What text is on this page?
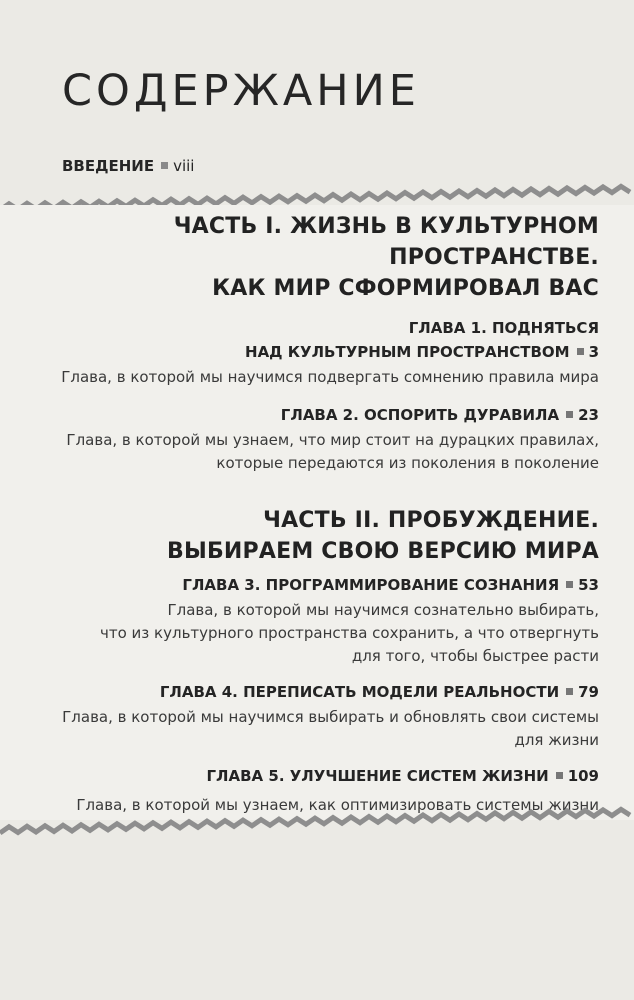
СОДЕРЖАНИЕ
ВВЕДЕНИЕ viii
ЧАСТЬ I. ЖИЗНЬ В КУЛЬТУРНОМ
ПРОСТРАНСТВЕ.
КАК МИР СФОРМИРОВАЛ ВАС
ГЛАВА 1. ПОДНЯТЬСЯ
НАД КУЛЬТУРНЫМ ПРОСТРАНСТВОМ 3
Глава, в которой мы научимся подвергать сомнению правила мира
ГЛАВА 2. ОСПОРИТЬ ДУРАВИЛА 23
Глава, в которой мы узнаем, что мир стоит на дурацких правилах,
которые передаются из поколения в поколение
ЧАСТЬ II. ПРОБУЖДЕНИЕ.
ВЫБИРАЕМ СВОЮ ВЕРСИЮ МИРА
ГЛАВА 3. ПРОГРАММИРОВАНИЕ СОЗНАНИЯ 53
Глава, в которой мы научимся сознательно выбирать,
что из культурного пространства сохранить, а что отвергнуть
для того, чтобы быстрее расти
ГЛАВА 4. ПЕРЕПИСАТЬ МОДЕЛИ РЕАЛЬНОСТИ 79
Глава, в которой мы научимся выбирать и обновлять свои системы
для жизни
ГЛАВА 5. УЛУЧШЕНИЕ СИСТЕМ ЖИЗНИ 109
Глава, в которой мы узнаем, как оптимизировать системы жизни
